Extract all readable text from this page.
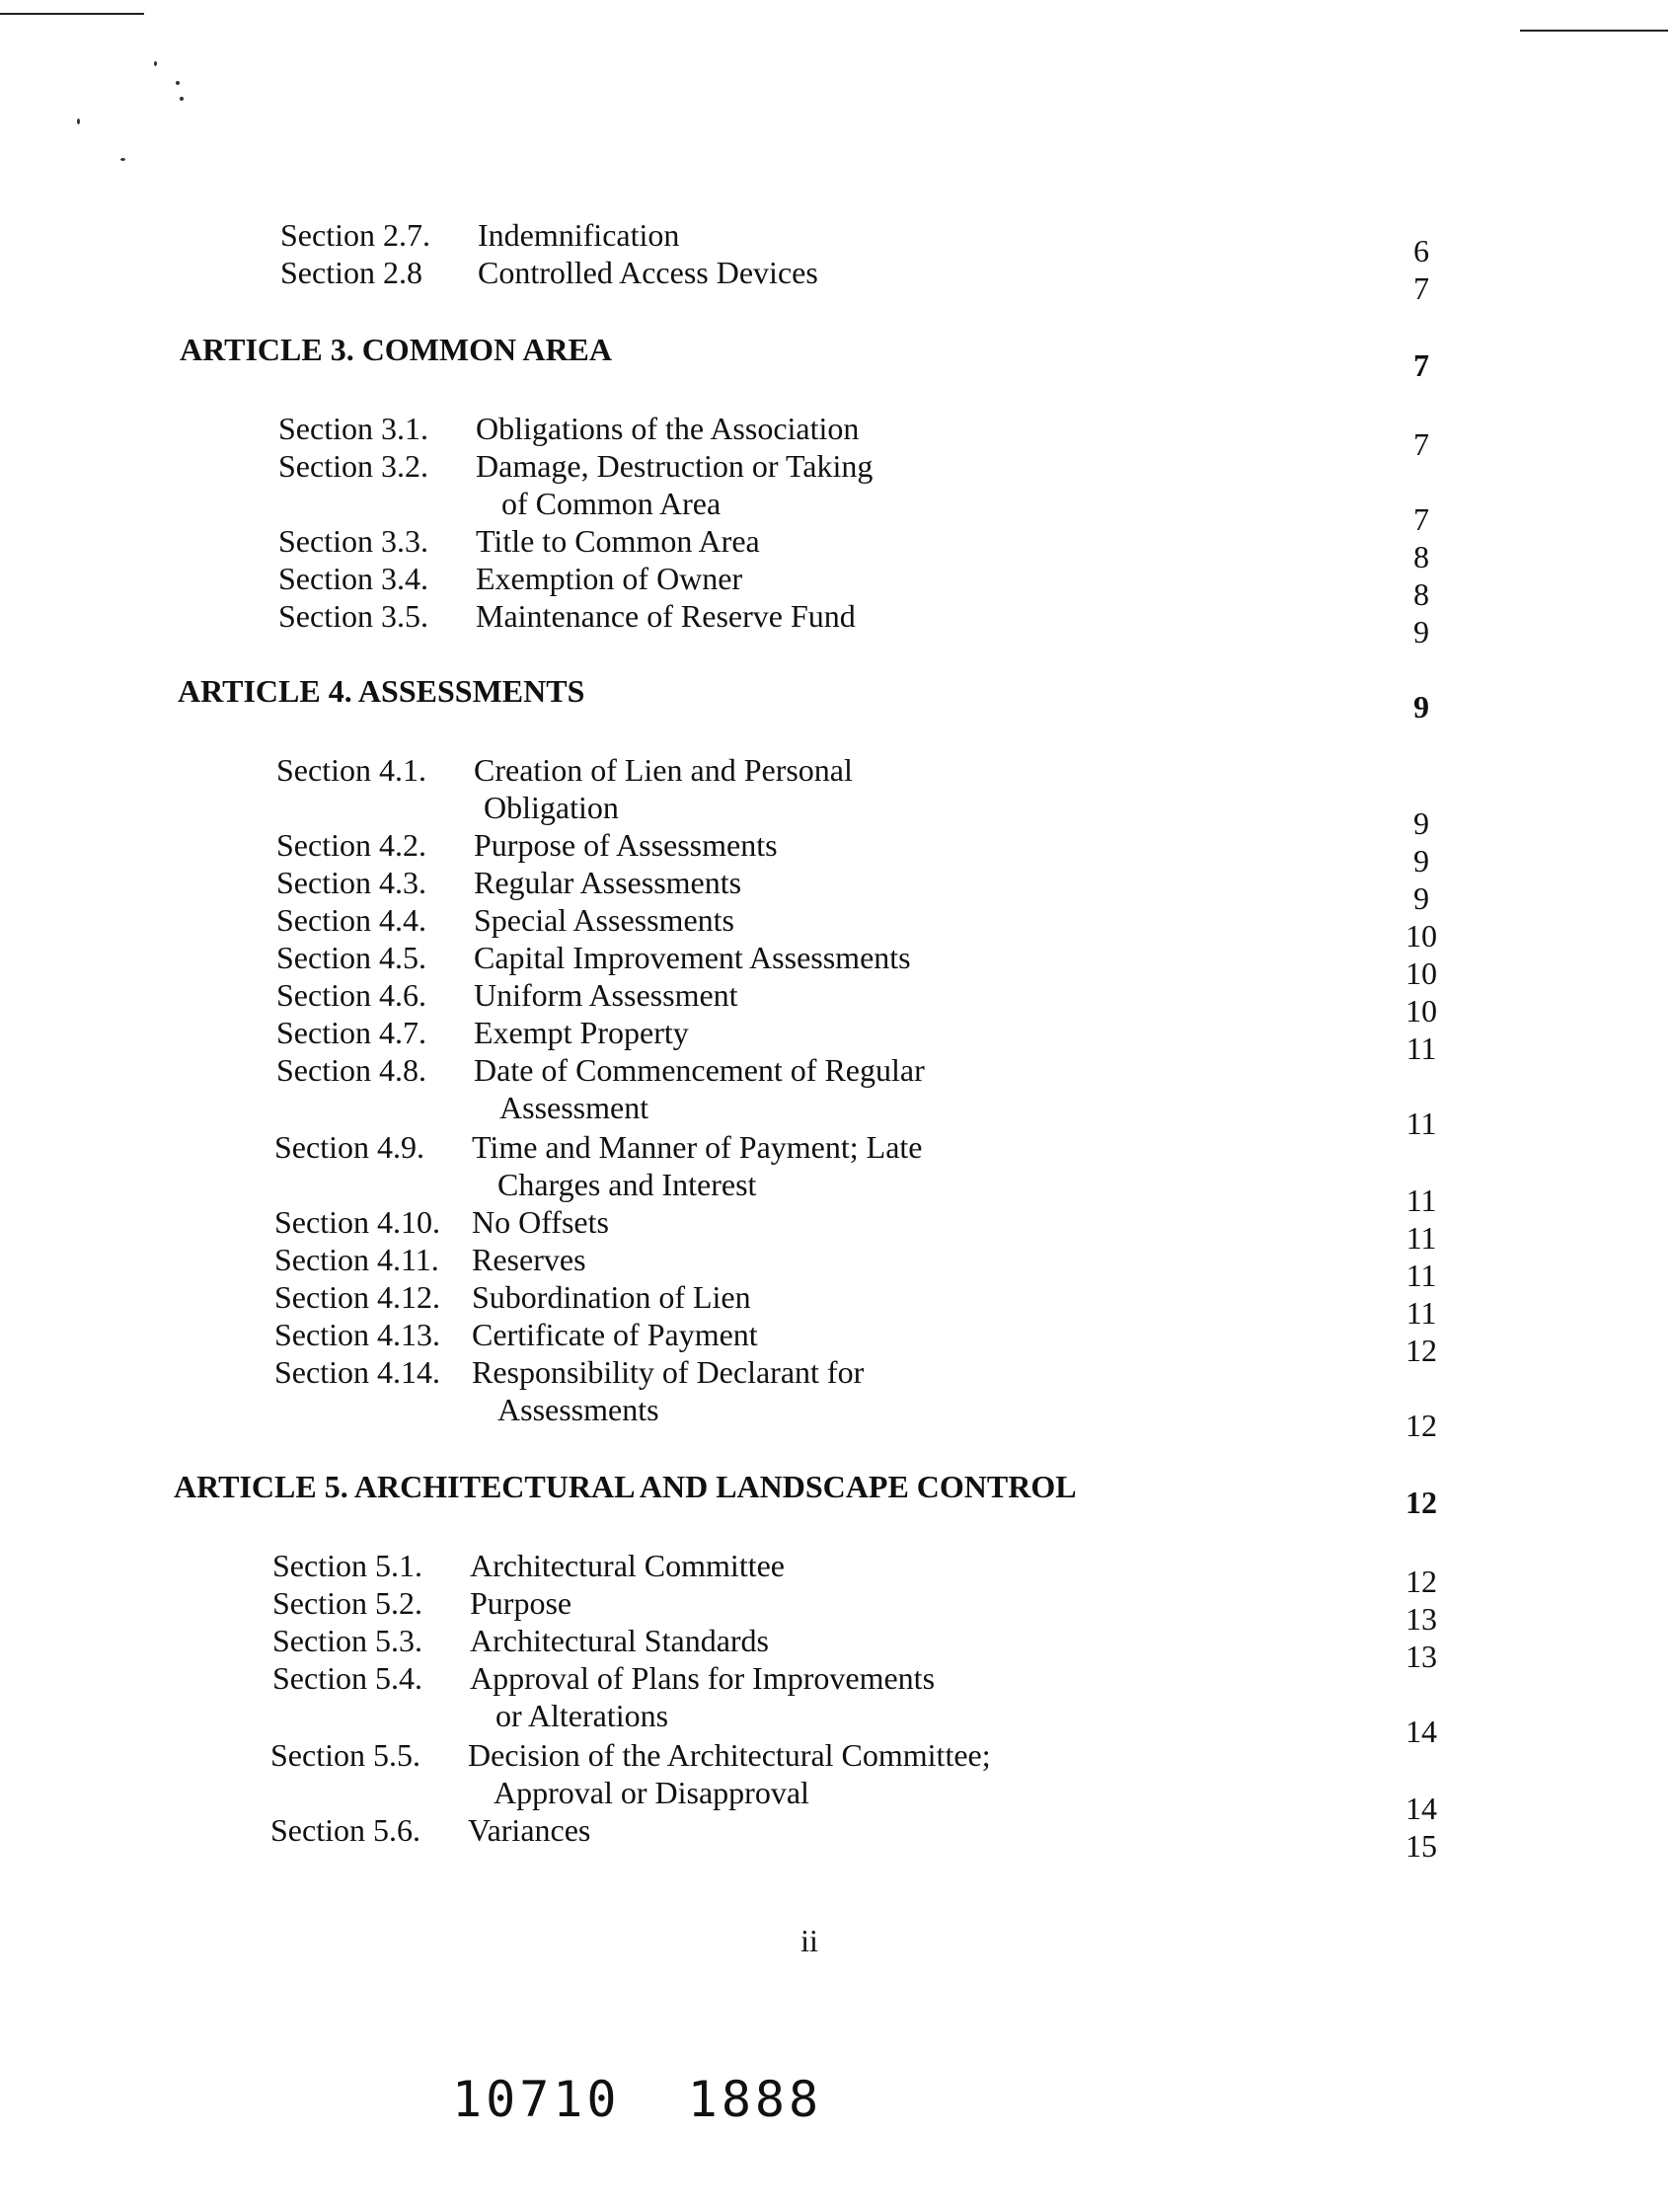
Section 2.7. Indemnification .....	6
Section 2.8 Controlled Access Devices .....	7
ARTICLE 3. COMMON AREA .....	7
Section 3.1. Obligations of the Association .....	7
Section 3.2. Damage, Destruction or Taking
of Common Area .....	7
Section 3.3. Title to Common Area .....	8
Section 3.4. Exemption of Owner .....	8
Section 3.5. Maintenance of Reserve Fund .....	9
ARTICLE 4. ASSESSMENTS .....	9
Section 4.1. Creation of Lien and Personal
Obligation .....	9
Section 4.2. Purpose of Assessments .....	9
Section 4.3. Regular Assessments .....	9
Section 4.4. Special Assessments .....	10
Section 4.5. Capital Improvement Assessments .....	10
Section 4.6. Uniform Assessment .....	10
Section 4.7. Exempt Property .....	11
Section 4.8. Date of Commencement of Regular
Assessment .....	11
Section 4.9. Time and Manner of Payment; Late
Charges and Interest .....	11
Section 4.10. No Offsets .....	11
Section 4.11. Reserves .....	11
Section 4.12. Subordination of Lien .....	11
Section 4.13. Certificate of Payment .....	12
Section 4.14. Responsibility of Declarant for
Assessments .....	12
ARTICLE 5. ARCHITECTURAL AND LANDSCAPE CONTROL .....	12
Section 5.1. Architectural Committee .....	12
Section 5.2. Purpose .....	13
Section 5.3. Architectural Standards .....	13
Section 5.4. Approval of Plans for Improvements
or Alterations .....	14
Section 5.5. Decision of the Architectural Committee;
Approval or Disapproval .....	14
Section 5.6. Variances .....	15
ii
10710  1888
